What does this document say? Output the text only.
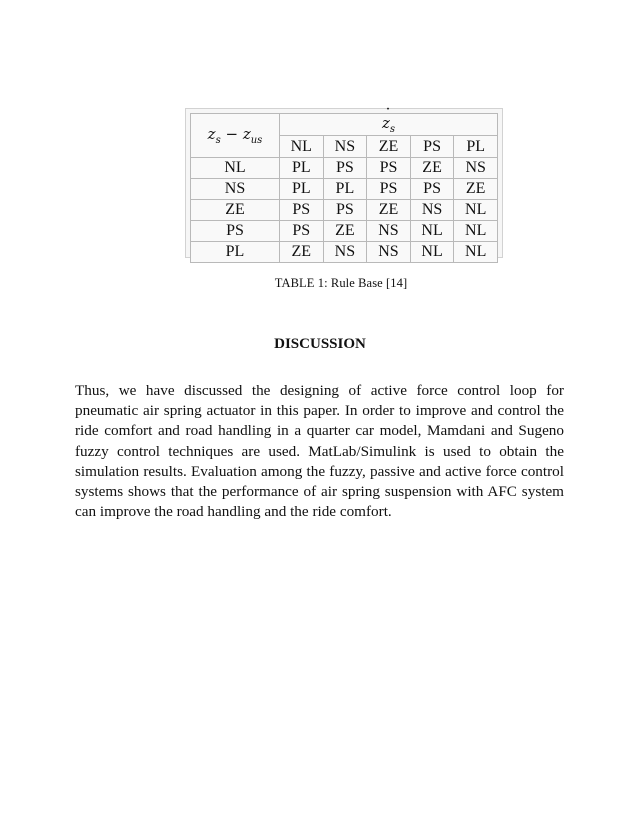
$z_s - z_{us}$	˙ $z_s$
	NL	NS	ZE	PS	PL
NL	PL	PS	PS	ZE	NS
NS	PL	PL	PS	PS	ZE
ZE	PS	PS	ZE	NS	NL
PS	PS	ZE	NS	NL	NL
PL	ZE	NS	NS	NL	NL
TABLE 1: Rule Base [14]
DISCUSSION

Thus, we have discussed the designing of active force control loop for pneumatic air spring actuator in this paper. In order to improve and control the ride comfort and road handling in a quarter car model, Mamdani and Sugeno fuzzy control techniques are used. MatLab/Simulink is used to obtain the simulation results. Evaluation among the fuzzy, passive and active force control systems shows that the performance of air spring suspension with AFC system can improve the road handling and the ride comfort.
